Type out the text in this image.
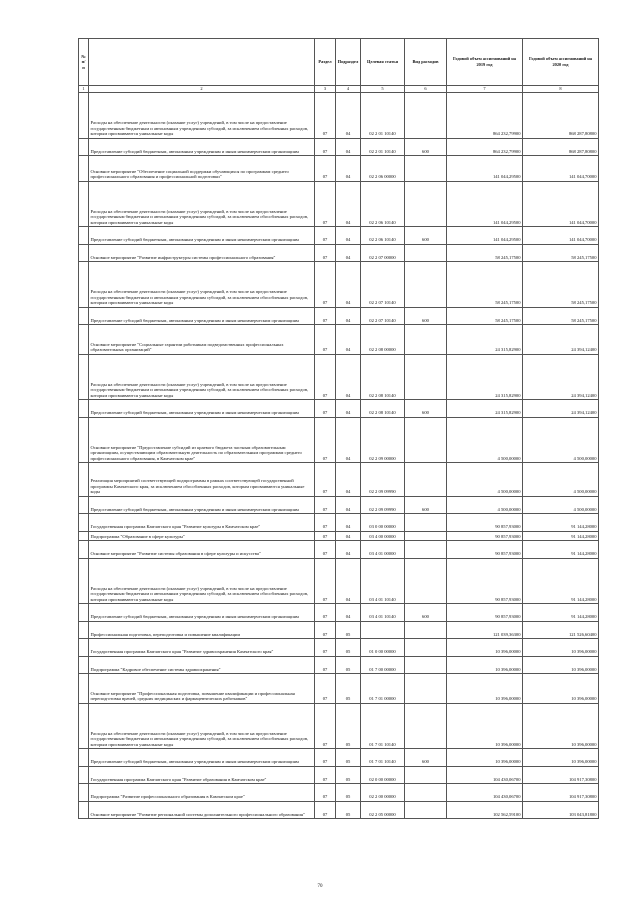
№ п/п		Раздел	Подраздел	Целевая статья	Вид расходов	Годовой объем ассигнований на 2019 год	Годовой объем ассигнований на 2020 год
1	2	3	4	5	6	7	8
	Расходы на обеспечение деятельности (оказание услуг) учреждений, в том числе на предоставление государственным бюджетным и автономным учреждениям субсидий, за исключением обособленных расходов, которым присваиваются уникальные коды	07	04	02 2 01 10140		864 232,79900	868 287,80800
	Предоставление субсидий бюджетным, автономным учреждениям и иным некоммерческим организациям	07	04	02 2 01 10140	600	864 232,79900	868 287,80800
	Основное мероприятие "Обеспечение социальной поддержки обучающихся по программам среднего профессионального образования и профессиональной подготовки"	07	04	02 2 06 00000		141 044,29500	141 044,70000
	Расходы на обеспечение деятельности (оказание услуг) учреждений, в том числе на предоставление государственным бюджетным и автономным учреждениям субсидий, за исключением обособленных расходов, которым присваиваются уникальные коды	07	04	02 2 06 10140		141 044,29500	141 044,70000
	Предоставление субсидий бюджетным, автономным учреждениям и иным некоммерческим организациям	07	04	02 2 06 10140	600	141 044,29500	141 044,70000
	Основное мероприятие "Развитие инфраструктуры системы профессионального образования"	07	04	02 2 07 00000		58 245,17500	58 245,17500
	Расходы на обеспечение деятельности (оказание услуг) учреждений, в том числе на предоставление государственным бюджетным и автономным учреждениям субсидий, за исключением обособленных расходов, которым присваиваются уникальные коды	07	04	02 2 07 10140		58 245,17500	58 245,17500
	Предоставление субсидий бюджетным, автономным учреждениям и иным некоммерческим организациям	07	04	02 2 07 10140	600	58 245,17500	58 245,17500
	Основное мероприятие "Социальные гарантии работникам подведомственных профессиональных образовательных организаций"	07	04	02 2 08 00000		24 315,82900	24 394,12400
	Расходы на обеспечение деятельности (оказание услуг) учреждений, в том числе на предоставление государственным бюджетным и автономным учреждениям субсидий, за исключением обособленных расходов, которым присваиваются уникальные коды	07	04	02 2 08 10140		24 315,82900	24 394,12400
	Предоставление субсидий бюджетным, автономным учреждениям и иным некоммерческим организациям	07	04	02 2 08 10140	600	24 315,82900	24 394,12400
	Основное мероприятие "Предоставление субсидий из краевого бюджета частным образовательным организациям, осуществляющим образовательную деятельность по образовательным программам среднего профессионального образования, в Камчатском крае"	07	04	02 2 09 00000		4 500,00000	4 500,00000
	Реализация мероприятий соответствующей подпрограммы в рамках соответствующей государственной программы Камчатского края, за исключением обособленных расходов, которым присваиваются уникальные коды	07	04	02 2 09 09990		4 500,00000	4 500,00000
	Предоставление субсидий бюджетным, автономным учреждениям и иным некоммерческим организациям	07	04	02 2 09 09990	600	4 500,00000	4 500,00000
	Государственная программа Камчатского края "Развитие культуры в Камчатском крае"	07	04	03 0 00 00000		90 857,93000	91 144,28000
	Подпрограмма "Образование в сфере культуры"	07	04	03 4 00 00000		90 857,93000	91 144,28000
	Основное мероприятие "Развитие системы образования в сфере культуры и искусства"	07	04	03 4 01 00000		90 857,93000	91 144,28000
	Расходы на обеспечение деятельности (оказание услуг) учреждений, в том числе на предоставление государственным бюджетным и автономным учреждениям субсидий, за исключением обособленных расходов, которым присваиваются уникальные коды	07	04	03 4 01 10140		90 857,93000	91 144,28000
	Предоставление субсидий бюджетным, автономным учреждениям и иным некоммерческим организациям	07	04	03 4 01 10140	600	90 857,93000	91 144,28000
	Профессиональная подготовка, переподготовка и повышение квалификации	07	05			121 039,36300	121 526,60400
	Государственная программа Камчатского края "Развитие здравоохранения Камчатского края"	07	05	01 0 00 00000		10 396,00000	10 396,00000
	Подпрограмма "Кадровое обеспечение системы здравоохранения"	07	05	01 7 00 00000		10 396,00000	10 396,00000
	Основное мероприятие "Профессиональная подготовка, повышение квалификации и профессиональная переподготовка врачей, средних медицинских и фармацевтических работников"	07	05	01 7 01 00000		10 396,00000	10 396,00000
	Расходы на обеспечение деятельности (оказание услуг) учреждений, в том числе на предоставление государственным бюджетным и автономным учреждениям субсидий, за исключением обособленных расходов, которым присваиваются уникальные коды	07	05	01 7 01 10140		10 396,00000	10 396,00000
	Предоставление субсидий бюджетным, автономным учреждениям и иным некоммерческим организациям	07	05	01 7 01 10140	600	10 396,00000	10 396,00000
	Государственная программа Камчатского края "Развитие образования в Камчатском крае"	07	05	02 0 00 00000		104 430,06700	104 917,30800
	Подпрограмма "Развитие профессионального образования в Камчатском крае"	07	05	02 2 00 00000		104 430,06700	104 917,30800
	Основное мероприятие "Развитие региональной системы дополнительного профессионального образования"	07	05	02 2 05 00000		102 562,59100	103 043,81800
70
